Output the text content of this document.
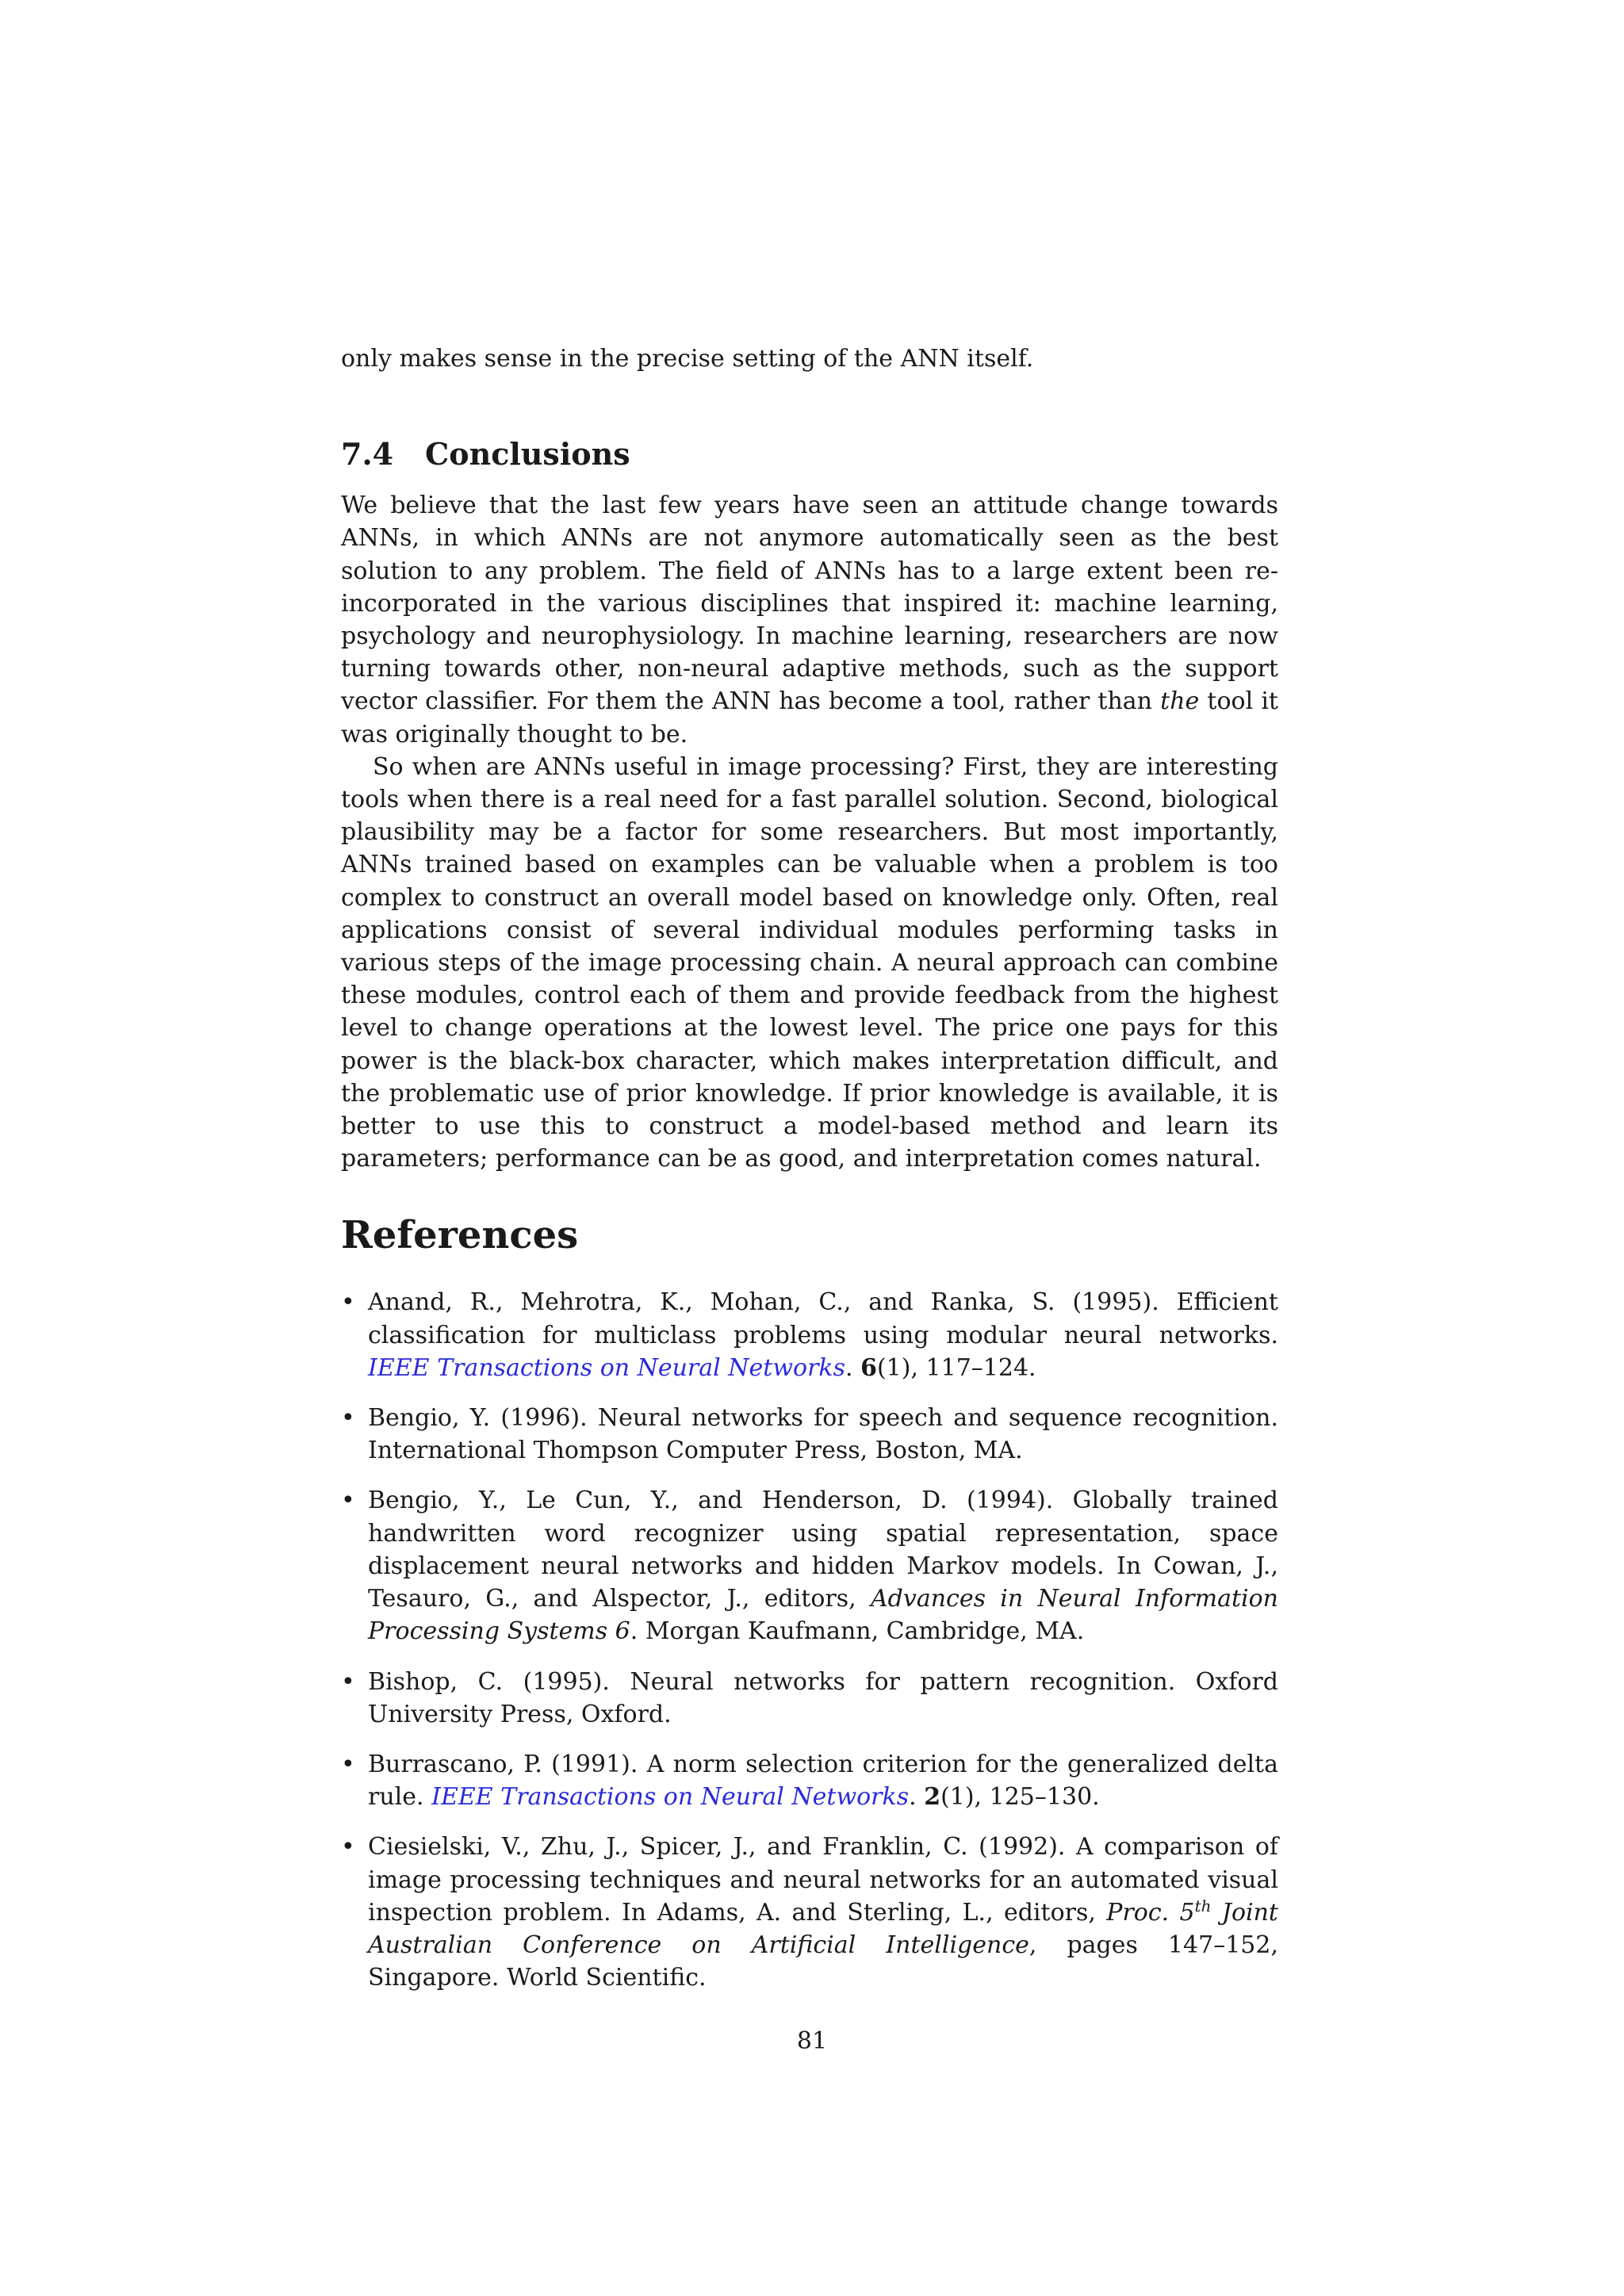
only makes sense in the precise setting of the ANN itself.

7.4 Conclusions

We believe that the last few years have seen an attitude change towards ANNs, in which ANNs are not anymore automatically seen as the best solution to any problem. The field of ANNs has to a large extent been re-incorporated in the various disciplines that inspired it: machine learning, psychology and neurophysiology. In machine learning, researchers are now turning towards other, non-neural adaptive methods, such as the support vector classifier. For them the ANN has become a tool, rather than the tool it was originally thought to be.

So when are ANNs useful in image processing? First, they are interesting tools when there is a real need for a fast parallel solution. Second, biological plausibility may be a factor for some researchers. But most importantly, ANNs trained based on examples can be valuable when a problem is too complex to construct an overall model based on knowledge only. Often, real applications consist of several individual modules performing tasks in various steps of the image processing chain. A neural approach can combine these modules, control each of them and provide feedback from the highest level to change operations at the lowest level. The price one pays for this power is the black-box character, which makes interpretation difficult, and the problematic use of prior knowledge. If prior knowledge is available, it is better to use this to construct a model-based method and learn its parameters; performance can be as good, and interpretation comes natural.

References
• Anand, R., Mehrotra, K., Mohan, C., and Ranka, S. (1995). Efficient classification for multiclass problems using modular neural networks. IEEE Transactions on Neural Networks. 6(1), 117–124.
• Bengio, Y. (1996). Neural networks for speech and sequence recognition. International Thompson Computer Press, Boston, MA.
• Bengio, Y., Le Cun, Y., and Henderson, D. (1994). Globally trained handwritten word recognizer using spatial representation, space displacement neural networks and hidden Markov models. In Cowan, J., Tesauro, G., and Alspector, J., editors, Advances in Neural Information Processing Systems 6. Morgan Kaufmann, Cambridge, MA.
• Bishop, C. (1995). Neural networks for pattern recognition. Oxford University Press, Oxford.
• Burrascano, P. (1991). A norm selection criterion for the generalized delta rule. IEEE Transactions on Neural Networks. 2(1), 125–130.
• Ciesielski, V., Zhu, J., Spicer, J., and Franklin, C. (1992). A comparison of image processing techniques and neural networks for an automated visual inspection problem. In Adams, A. and Sterling, L., editors, Proc. 5th Joint Australian Conference on Artificial Intelligence, pages 147–152, Singapore. World Scientific.
81
